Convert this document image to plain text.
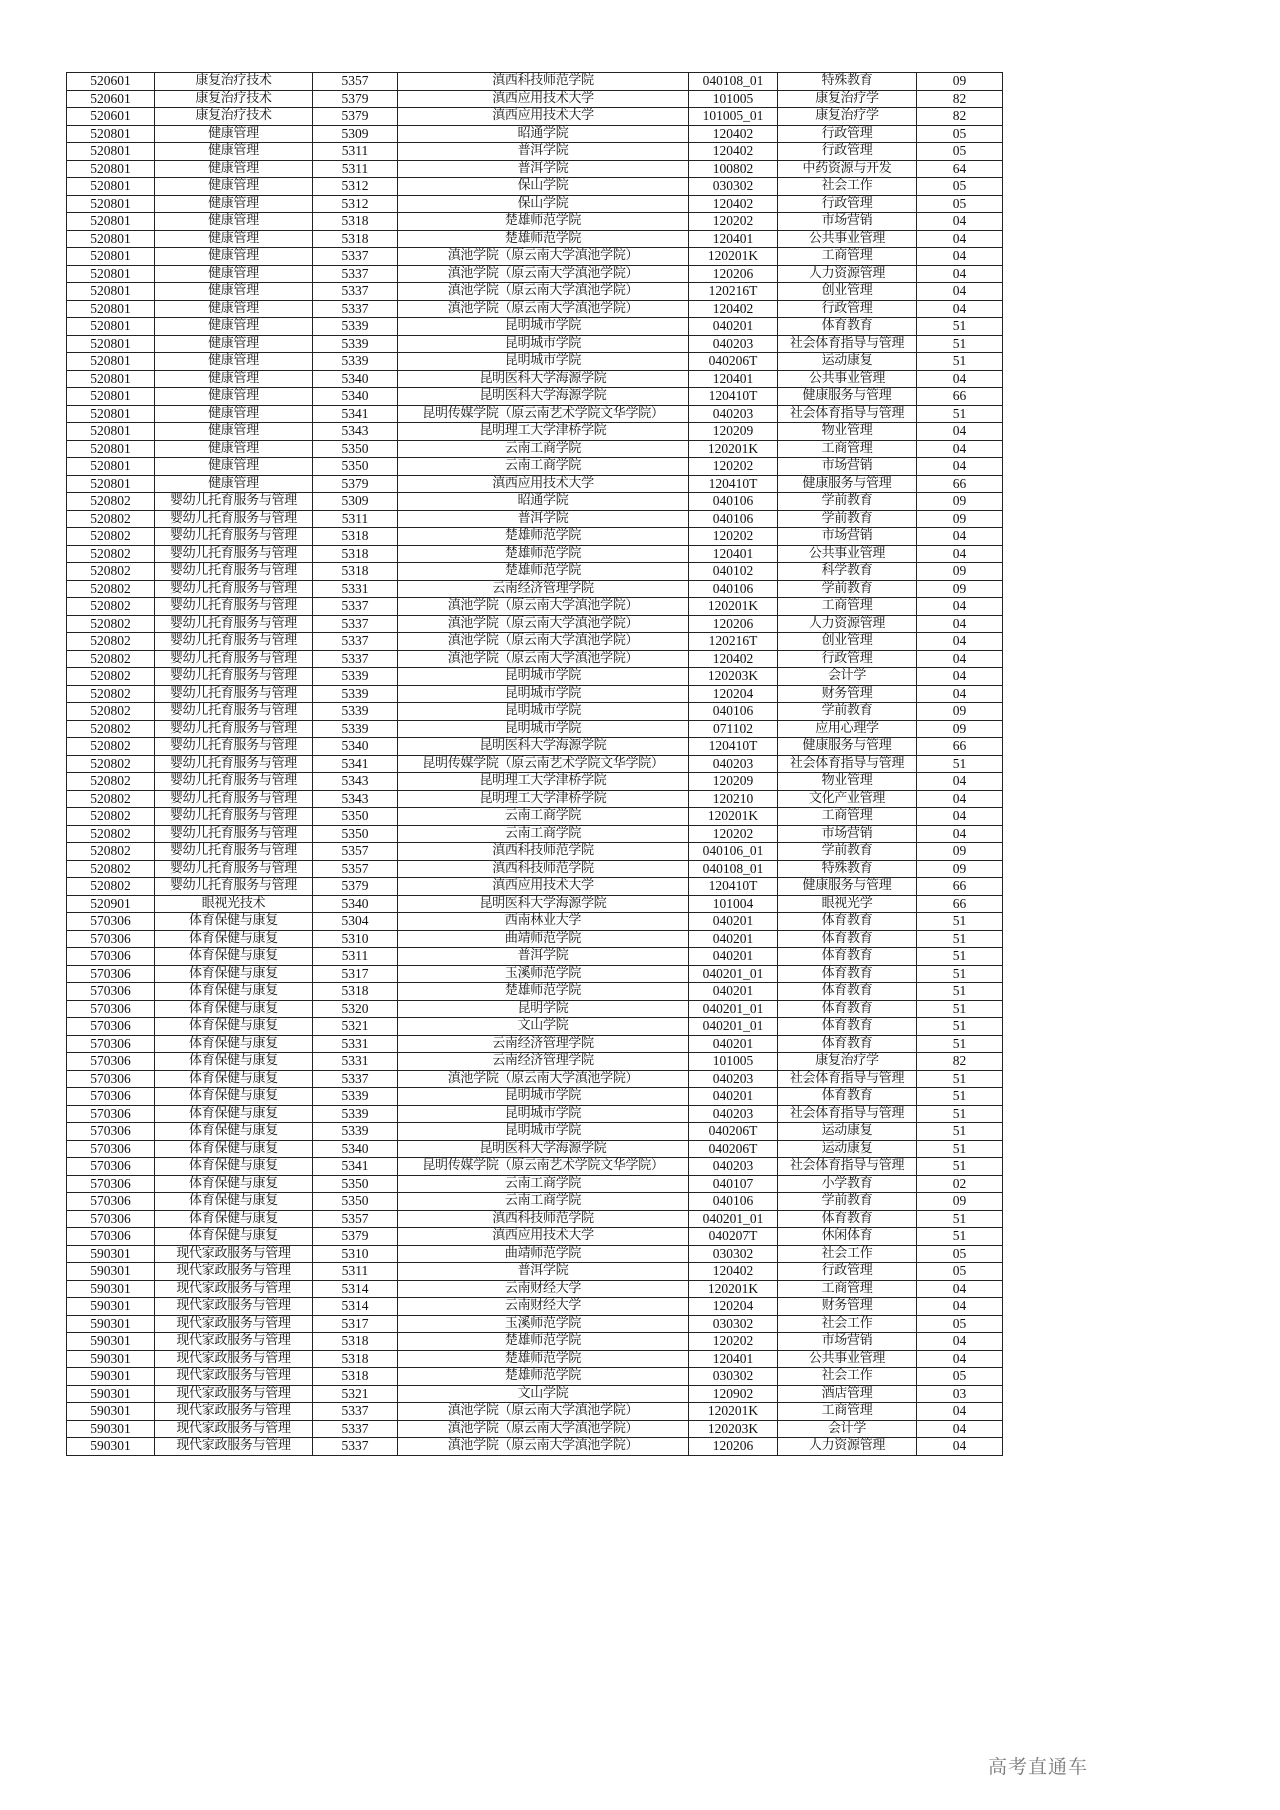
520601	康复治疗技术	5357	滇西科技师范学院	040108_01	特殊教育	09
520601	康复治疗技术	5379	滇西应用技术大学	101005	康复治疗学	82
520601	康复治疗技术	5379	滇西应用技术大学	101005_01	康复治疗学	82
520801	健康管理	5309	昭通学院	120402	行政管理	05
520801	健康管理	5311	普洱学院	120402	行政管理	05
520801	健康管理	5311	普洱学院	100802	中药资源与开发	64
520801	健康管理	5312	保山学院	030302	社会工作	05
520801	健康管理	5312	保山学院	120402	行政管理	05
520801	健康管理	5318	楚雄师范学院	120202	市场营销	04
520801	健康管理	5318	楚雄师范学院	120401	公共事业管理	04
520801	健康管理	5337	滇池学院（原云南大学滇池学院）	120201K	工商管理	04
520801	健康管理	5337	滇池学院（原云南大学滇池学院）	120206	人力资源管理	04
520801	健康管理	5337	滇池学院（原云南大学滇池学院）	120216T	创业管理	04
520801	健康管理	5337	滇池学院（原云南大学滇池学院）	120402	行政管理	04
520801	健康管理	5339	昆明城市学院	040201	体育教育	51
520801	健康管理	5339	昆明城市学院	040203	社会体育指导与管理	51
520801	健康管理	5339	昆明城市学院	040206T	运动康复	51
520801	健康管理	5340	昆明医科大学海源学院	120401	公共事业管理	04
520801	健康管理	5340	昆明医科大学海源学院	120410T	健康服务与管理	66
520801	健康管理	5341	昆明传媒学院（原云南艺术学院文华学院）	040203	社会体育指导与管理	51
520801	健康管理	5343	昆明理工大学津桥学院	120209	物业管理	04
520801	健康管理	5350	云南工商学院	120201K	工商管理	04
520801	健康管理	5350	云南工商学院	120202	市场营销	04
520801	健康管理	5379	滇西应用技术大学	120410T	健康服务与管理	66
520802	婴幼儿托育服务与管理	5309	昭通学院	040106	学前教育	09
520802	婴幼儿托育服务与管理	5311	普洱学院	040106	学前教育	09
520802	婴幼儿托育服务与管理	5318	楚雄师范学院	120202	市场营销	04
520802	婴幼儿托育服务与管理	5318	楚雄师范学院	120401	公共事业管理	04
520802	婴幼儿托育服务与管理	5318	楚雄师范学院	040102	科学教育	09
520802	婴幼儿托育服务与管理	5331	云南经济管理学院	040106	学前教育	09
520802	婴幼儿托育服务与管理	5337	滇池学院（原云南大学滇池学院）	120201K	工商管理	04
520802	婴幼儿托育服务与管理	5337	滇池学院（原云南大学滇池学院）	120206	人力资源管理	04
520802	婴幼儿托育服务与管理	5337	滇池学院（原云南大学滇池学院）	120216T	创业管理	04
520802	婴幼儿托育服务与管理	5337	滇池学院（原云南大学滇池学院）	120402	行政管理	04
520802	婴幼儿托育服务与管理	5339	昆明城市学院	120203K	会计学	04
520802	婴幼儿托育服务与管理	5339	昆明城市学院	120204	财务管理	04
520802	婴幼儿托育服务与管理	5339	昆明城市学院	040106	学前教育	09
520802	婴幼儿托育服务与管理	5339	昆明城市学院	071102	应用心理学	09
520802	婴幼儿托育服务与管理	5340	昆明医科大学海源学院	120410T	健康服务与管理	66
520802	婴幼儿托育服务与管理	5341	昆明传媒学院（原云南艺术学院文华学院）	040203	社会体育指导与管理	51
520802	婴幼儿托育服务与管理	5343	昆明理工大学津桥学院	120209	物业管理	04
520802	婴幼儿托育服务与管理	5343	昆明理工大学津桥学院	120210	文化产业管理	04
520802	婴幼儿托育服务与管理	5350	云南工商学院	120201K	工商管理	04
520802	婴幼儿托育服务与管理	5350	云南工商学院	120202	市场营销	04
520802	婴幼儿托育服务与管理	5357	滇西科技师范学院	040106_01	学前教育	09
520802	婴幼儿托育服务与管理	5357	滇西科技师范学院	040108_01	特殊教育	09
520802	婴幼儿托育服务与管理	5379	滇西应用技术大学	120410T	健康服务与管理	66
520901	眼视光技术	5340	昆明医科大学海源学院	101004	眼视光学	66
570306	体育保健与康复	5304	西南林业大学	040201	体育教育	51
570306	体育保健与康复	5310	曲靖师范学院	040201	体育教育	51
570306	体育保健与康复	5311	普洱学院	040201	体育教育	51
570306	体育保健与康复	5317	玉溪师范学院	040201_01	体育教育	51
570306	体育保健与康复	5318	楚雄师范学院	040201	体育教育	51
570306	体育保健与康复	5320	昆明学院	040201_01	体育教育	51
570306	体育保健与康复	5321	文山学院	040201_01	体育教育	51
570306	体育保健与康复	5331	云南经济管理学院	040201	体育教育	51
570306	体育保健与康复	5331	云南经济管理学院	101005	康复治疗学	82
570306	体育保健与康复	5337	滇池学院（原云南大学滇池学院）	040203	社会体育指导与管理	51
570306	体育保健与康复	5339	昆明城市学院	040201	体育教育	51
570306	体育保健与康复	5339	昆明城市学院	040203	社会体育指导与管理	51
570306	体育保健与康复	5339	昆明城市学院	040206T	运动康复	51
570306	体育保健与康复	5340	昆明医科大学海源学院	040206T	运动康复	51
570306	体育保健与康复	5341	昆明传媒学院（原云南艺术学院文华学院）	040203	社会体育指导与管理	51
570306	体育保健与康复	5350	云南工商学院	040107	小学教育	02
570306	体育保健与康复	5350	云南工商学院	040106	学前教育	09
570306	体育保健与康复	5357	滇西科技师范学院	040201_01	体育教育	51
570306	体育保健与康复	5379	滇西应用技术大学	040207T	休闲体育	51
590301	现代家政服务与管理	5310	曲靖师范学院	030302	社会工作	05
590301	现代家政服务与管理	5311	普洱学院	120402	行政管理	05
590301	现代家政服务与管理	5314	云南财经大学	120201K	工商管理	04
590301	现代家政服务与管理	5314	云南财经大学	120204	财务管理	04
590301	现代家政服务与管理	5317	玉溪师范学院	030302	社会工作	05
590301	现代家政服务与管理	5318	楚雄师范学院	120202	市场营销	04
590301	现代家政服务与管理	5318	楚雄师范学院	120401	公共事业管理	04
590301	现代家政服务与管理	5318	楚雄师范学院	030302	社会工作	05
590301	现代家政服务与管理	5321	文山学院	120902	酒店管理	03
590301	现代家政服务与管理	5337	滇池学院（原云南大学滇池学院）	120201K	工商管理	04
590301	现代家政服务与管理	5337	滇池学院（原云南大学滇池学院）	120203K	会计学	04
590301	现代家政服务与管理	5337	滇池学院（原云南大学滇池学院）	120206	人力资源管理	04
高考直通车
